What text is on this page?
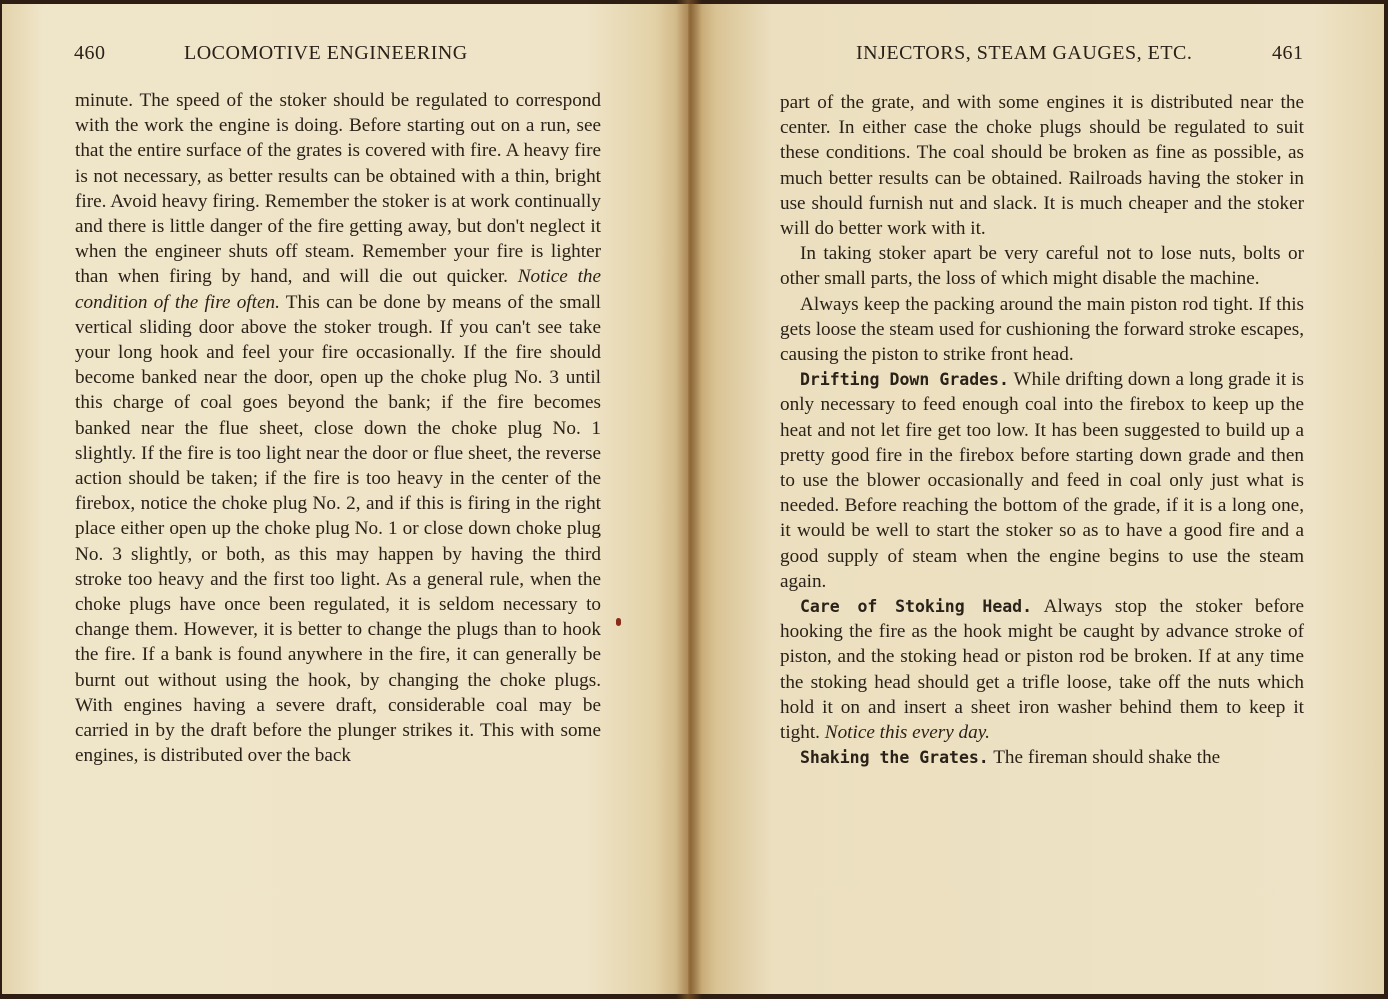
460	LOCOMOTIVE ENGINEERING

minute. The speed of the stoker should be regulated to correspond with the work the engine is doing. Before starting out on a run, see that the entire surface of the grates is covered with fire. A heavy fire is not necessary, as better results can be obtained with a thin, bright fire. Avoid heavy firing. Remember the stoker is at work continually and there is little danger of the fire getting away, but don't neglect it when the engineer shuts off steam. Remember your fire is lighter than when firing by hand, and will die out quicker. Notice the condition of the fire often. This can be done by means of the small vertical sliding door above the stoker trough. If you can't see take your long hook and feel your fire occasionally. If the fire should become banked near the door, open up the choke plug No. 3 until this charge of coal goes beyond the bank; if the fire becomes banked near the flue sheet, close down the choke plug No. 1 slightly. If the fire is too light near the door or flue sheet, the reverse action should be taken; if the fire is too heavy in the center of the firebox, notice the choke plug No. 2, and if this is firing in the right place either open up the choke plug No. 1 or close down choke plug No. 3 slightly, or both, as this may happen by having the third stroke too heavy and the first too light. As a general rule, when the choke plugs have once been regulated, it is seldom necessary to change them. However, it is better to change the plugs than to hook the fire. If a bank is found anywhere in the fire, it can generally be burnt out without using the hook, by changing the choke plugs. With engines having a severe draft, considerable coal may be carried in by the draft before the plunger strikes it. This with some engines, is distributed over the back

INJECTORS, STEAM GAUGES, ETC.	461

part of the grate, and with some engines it is distributed near the center. In either case the choke plugs should be regulated to suit these conditions. The coal should be broken as fine as possible, as much better results can be obtained. Railroads having the stoker in use should furnish nut and slack. It is much cheaper and the stoker will do better work with it.

In taking stoker apart be very careful not to lose nuts, bolts or other small parts, the loss of which might disable the machine.

Always keep the packing around the main piston rod tight. If this gets loose the steam used for cushioning the forward stroke escapes, causing the piston to strike front head.

Drifting Down Grades. While drifting down a long grade it is only necessary to feed enough coal into the firebox to keep up the heat and not let fire get too low. It has been suggested to build up a pretty good fire in the firebox before starting down grade and then to use the blower occasionally and feed in coal only just what is needed. Before reaching the bottom of the grade, if it is a long one, it would be well to start the stoker so as to have a good fire and a good supply of steam when the engine begins to use the steam again.

Care of Stoking Head. Always stop the stoker before hooking the fire as the hook might be caught by advance stroke of piston, and the stoking head or piston rod be broken. If at any time the stoking head should get a trifle loose, take off the nuts which hold it on and insert a sheet iron washer behind them to keep it tight. Notice this every day.

Shaking the Grates. The fireman should shake the
